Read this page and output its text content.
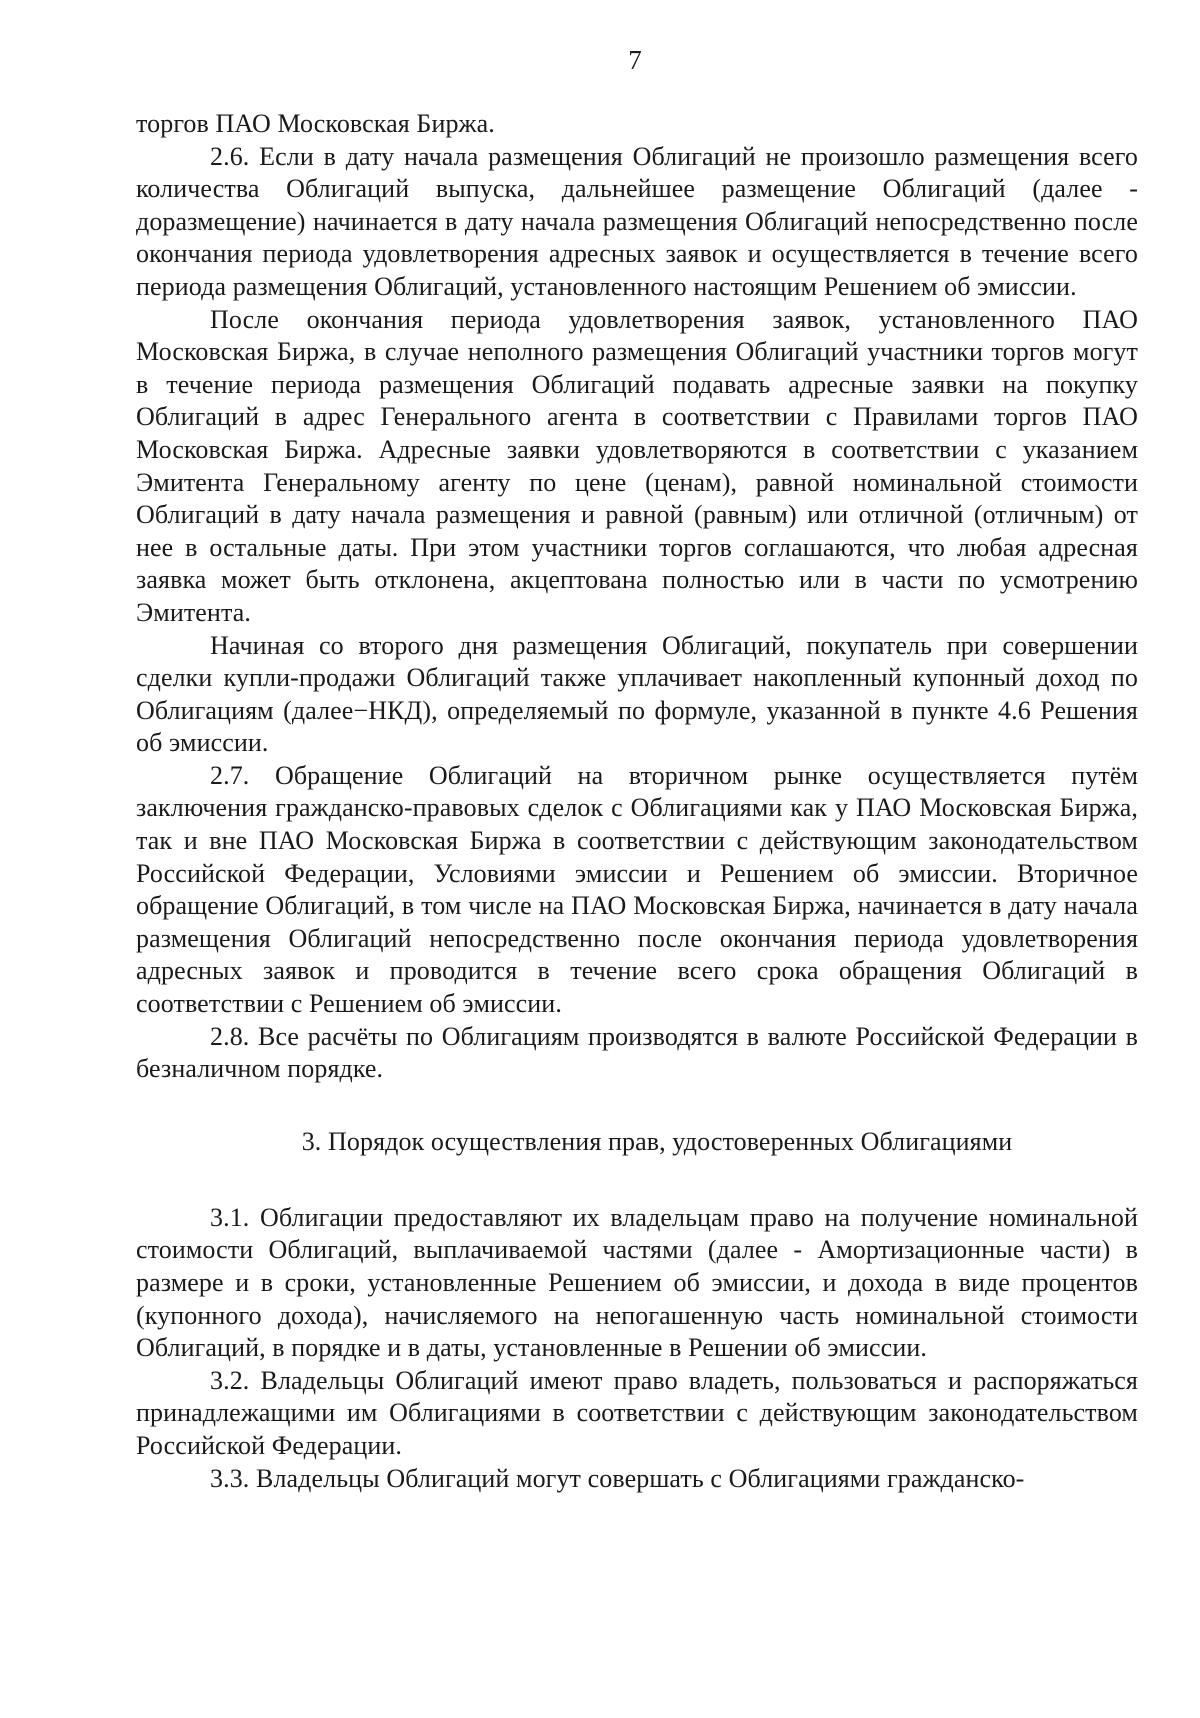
7

торгов ПАО Московская Биржа.

2.6. Если в дату начала размещения Облигаций не произошло размещения всего количества Облигаций выпуска, дальнейшее размещение Облигаций (далее - доразмещение) начинается в дату начала размещения Облигаций непосредственно после окончания периода удовлетворения адресных заявок и осуществляется в течение всего периода размещения Облигаций, установленного настоящим Решением об эмиссии.

После окончания периода удовлетворения заявок, установленного ПАО Московская Биржа, в случае неполного размещения Облигаций участники торгов могут в течение периода размещения Облигаций подавать адресные заявки на покупку Облигаций в адрес Генерального агента в соответствии с Правилами торгов ПАО Московская Биржа. Адресные заявки удовлетворяются в соответствии с указанием Эмитента Генеральному агенту по цене (ценам), равной номинальной стоимости Облигаций в дату начала размещения и равной (равным) или отличной (отличным) от нее в остальные даты. При этом участники торгов соглашаются, что любая адресная заявка может быть отклонена, акцептована полностью или в части по усмотрению Эмитента.

Начиная со второго дня размещения Облигаций, покупатель при совершении сделки купли-продажи Облигаций также уплачивает накопленный купонный доход по Облигациям (далее−НКД), определяемый по формуле, указанной в пункте 4.6 Решения об эмиссии.

2.7. Обращение Облигаций на вторичном рынке осуществляется путём заключения гражданско-правовых сделок с Облигациями как у ПАО Московская Биржа, так и вне ПАО Московская Биржа в соответствии с действующим законодательством Российской Федерации, Условиями эмиссии и Решением об эмиссии. Вторичное обращение Облигаций, в том числе на ПАО Московская Биржа, начинается в дату начала размещения Облигаций непосредственно после окончания периода удовлетворения адресных заявок и проводится в течение всего срока обращения Облигаций в соответствии с Решением об эмиссии.

2.8. Все расчёты по Облигациям производятся в валюте Российской Федерации в безналичном порядке.

3. Порядок осуществления прав, удостоверенных Облигациями

3.1. Облигации предоставляют их владельцам право на получение номинальной стоимости Облигаций, выплачиваемой частями (далее - Амортизационные части) в размере и в сроки, установленные Решением об эмиссии, и дохода в виде процентов (купонного дохода), начисляемого на непогашенную часть номинальной стоимости Облигаций, в порядке и в даты, установленные в Решении об эмиссии.

3.2. Владельцы Облигаций имеют право владеть, пользоваться и распоряжаться принадлежащими им Облигациями в соответствии с действующим законодательством Российской Федерации.

3.3. Владельцы Облигаций могут совершать с Облигациями гражданско-
